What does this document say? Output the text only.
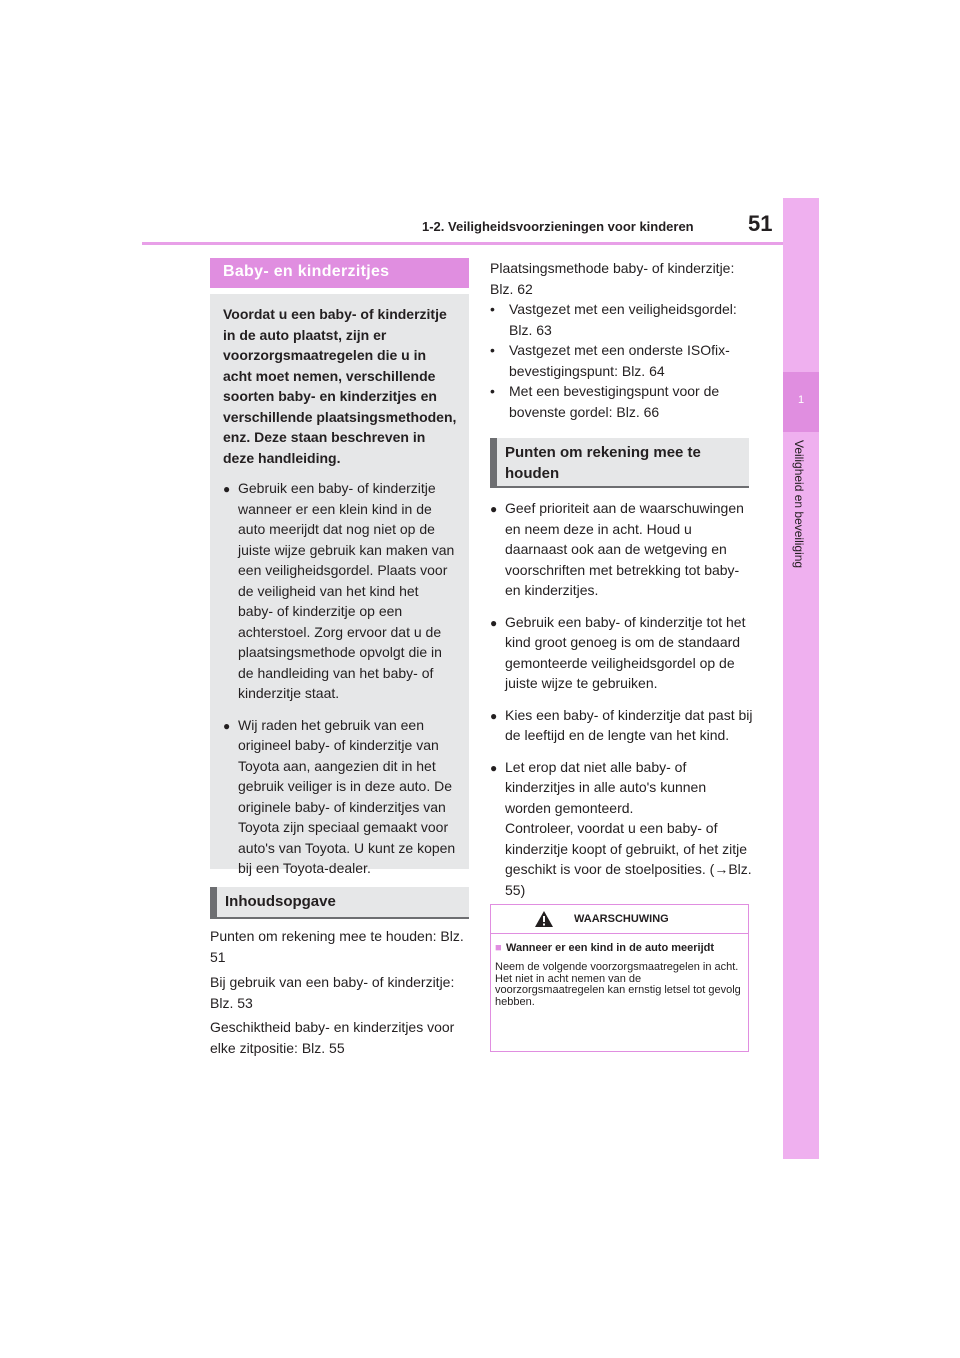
51
1-2. Veiligheidsvoorzieningen voor kinderen
1
Veiligheid en beveiliging
Baby- en kinderzitjes

Voordat u een baby- of kinderzitje in de auto plaatst, zijn er voorzorgsmaatregelen die u in acht moet nemen, verschillende soorten baby- en kinderzitjes en verschillende plaatsingsmethoden, enz. Deze staan beschreven in deze handleiding.

● Gebruik een baby- of kinderzitje wanneer er een klein kind in de auto meerijdt dat nog niet op de juiste wijze gebruik kan maken van een veiligheidsgordel. Plaats voor de veiligheid van het kind het baby- of kinderzitje op een achterstoel. Zorg ervoor dat u de plaatsingsmethode opvolgt die in de handleiding van het baby- of kinderzitje staat.
● Wij raden het gebruik van een origineel baby- of kinderzitje van Toyota aan, aangezien dit in het gebruik veiliger is in deze auto. De originele baby- of kinderzitjes van Toyota zijn speciaal gemaakt voor auto's van Toyota. U kunt ze kopen bij een Toyota-dealer.
Inhoudsopgave
Punten om rekening mee te houden: Blz. 51
Bij gebruik van een baby- of kinderzitje: Blz. 53
Geschiktheid baby- en kinderzitjes voor elke zitpositie: Blz. 55
Plaatsingsmethode baby- of kinderzitje: Blz. 62
•	Vastgezet met een veiligheidsgordel: Blz. 63
•	Vastgezet met een onderste ISOfix-bevestigingspunt: Blz. 64
•	Met een bevestigingspunt voor de bovenste gordel: Blz. 66
Punten om rekening mee te houden
● Geef prioriteit aan de waarschuwingen en neem deze in acht. Houd u daarnaast ook aan de wetgeving en voorschriften met betrekking tot baby- en kinderzitjes.
● Gebruik een baby- of kinderzitje tot het kind groot genoeg is om de standaard gemonteerde veiligheidsgordel op de juiste wijze te gebruiken.
● Kies een baby- of kinderzitje dat past bij de leeftijd en de lengte van het kind.
● Let erop dat niet alle baby- of kinderzitjes in alle auto's kunnen worden gemonteerd.
Controleer, voordat u een baby- of kinderzitje koopt of gebruikt, of het zitje geschikt is voor de stoelposities. (→Blz. 55)
WAARSCHUWING
■ Wanneer er een kind in de auto meerijdt
Neem de volgende voorzorgsmaatregelen in acht.
Het niet in acht nemen van de voorzorgsmaatregelen kan ernstig letsel tot gevolg hebben.
